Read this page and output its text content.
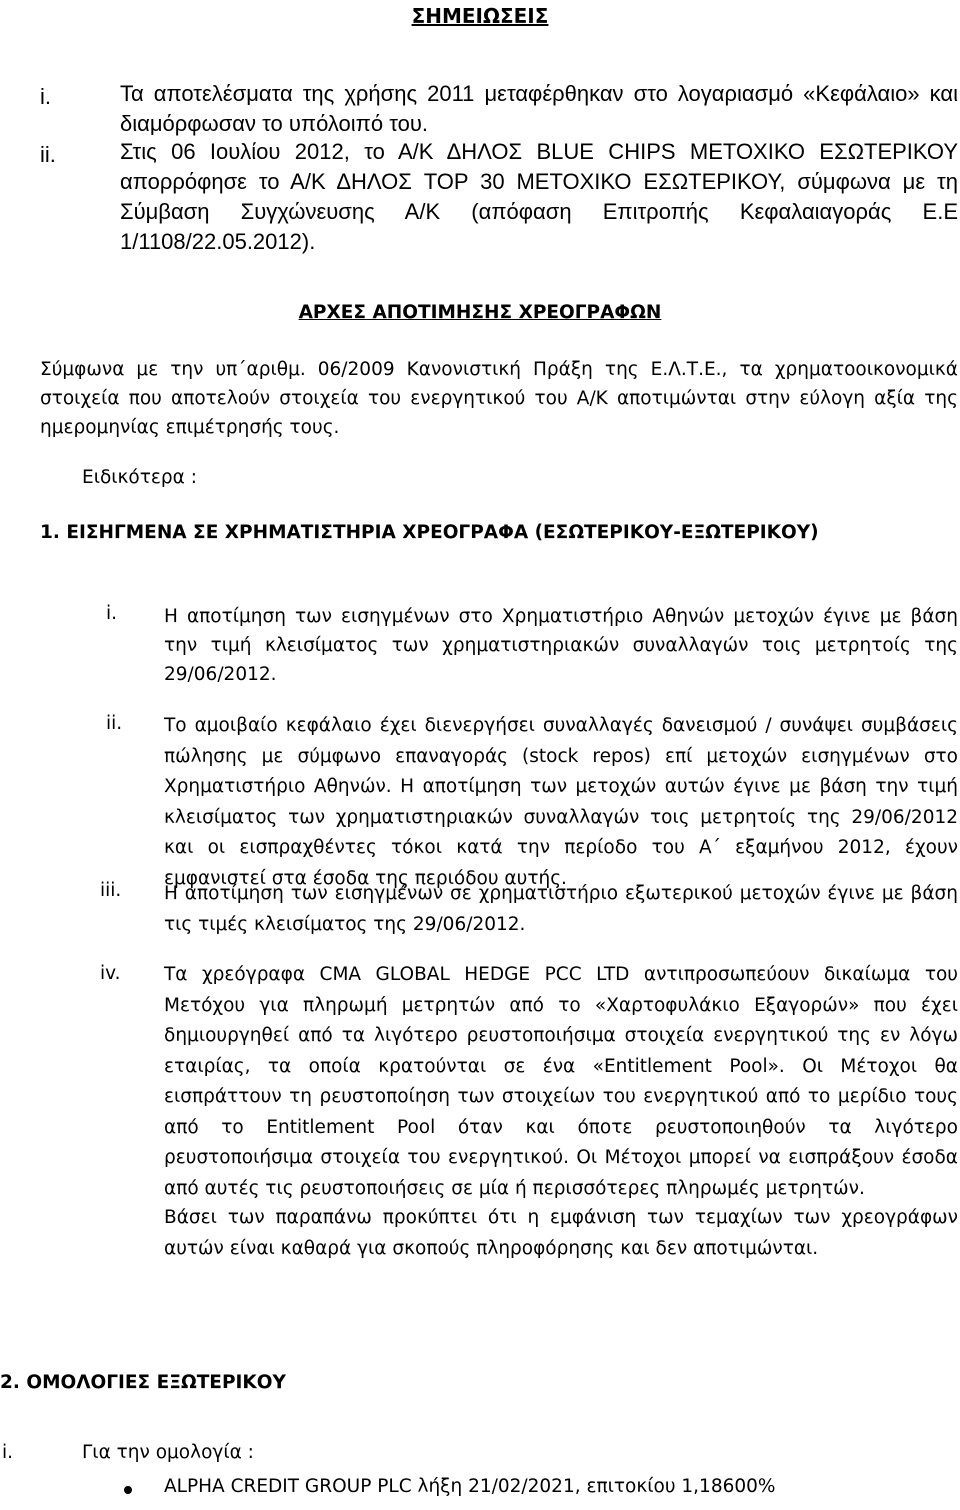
ΣΗΜΕΙΩΣΕΙΣ
i.	Τα αποτελέσματα της χρήσης 2011 μεταφέρθηκαν στο λογαριασμό «Κεφάλαιο» και διαμόρφωσαν το υπόλοιπό του.

ii.	Στις 06 Ιουλίου 2012, το Α/Κ ΔΗΛΟΣ BLUE CHIPS ΜΕΤΟΧΙΚΟ ΕΣΩΤΕΡΙΚΟΥ απορρόφησε το Α/Κ ΔΗΛΟΣ TOP 30 ΜΕΤΟΧΙΚΟ ΕΣΩΤΕΡΙΚΟΥ, σύμφωνα με τη Σύμβαση Συγχώνευσης Α/Κ (απόφαση Επιτροπής Κεφαλαιαγοράς Ε.Ε 1/1108/22.05.2012).

ΑΡΧΕΣ ΑΠΟΤΙΜΗΣΗΣ ΧΡΕΟΓΡΑΦΩΝ

Σύμφωνα με την υπ΄αριθμ. 06/2009 Κανονιστική Πράξη της Ε.Λ.Τ.Ε., τα χρηματοοικονομικά στοιχεία που αποτελούν στοιχεία του ενεργητικού του Α/Κ αποτιμώνται στην εύλογη αξία της ημερομηνίας επιμέτρησής τους.

Ειδικότερα :
1. ΕΙΣΗΓΜΕΝΑ ΣΕ ΧΡΗΜΑΤΙΣΤΗΡΙΑ ΧΡΕΟΓΡΑΦΑ (ΕΣΩΤΕΡΙΚΟΥ-ΕΞΩΤΕΡΙΚΟΥ)
i.	Η αποτίμηση των εισηγμένων στο Χρηματιστήριο Αθηνών μετοχών έγινε με βάση την τιμή κλεισίματος των χρηματιστηριακών συναλλαγών τοις μετρητοίς της 29/06/2012.

ii. Το αμοιβαίο κεφάλαιο έχει διενεργήσει συναλλαγές δανεισμού / συνάψει συμβάσεις πώλησης με σύμφωνο επαναγοράς (stock repos) επί μετοχών εισηγμένων στο Χρηματιστήριο Αθηνών. Η αποτίμηση των μετοχών αυτών έγινε με βάση την τιμή κλεισίματος των χρηματιστηριακών συναλλαγών τοις μετρητοίς της 29/06/2012 και οι εισπραχθέντες τόκοι κατά την περίοδο του Α΄ εξαμήνου 2012, έχουν εμφανιστεί στα έσοδα της περιόδου αυτής.

iii. Η αποτίμηση των εισηγμένων σε χρηματιστήριο εξωτερικού μετοχών έγινε με βάση τις τιμές κλεισίματος της 29/06/2012.

iv. Τα χρεόγραφα CMA GLOBAL HEDGE PCC LTD αντιπροσωπεύουν δικαίωμα του Μετόχου για πληρωμή μετρητών από το «Χαρτοφυλάκιο Εξαγορών» που έχει δημιουργηθεί από τα λιγότερο ρευστοποιήσιμα στοιχεία ενεργητικού της εν λόγω εταιρίας, τα οποία κρατούνται σε ένα «Entitlement Pool». Οι Μέτοχοι θα εισπράττουν τη ρευστοποίηση των στοιχείων του ενεργητικού από το μερίδιο τους από το Entitlement Pool όταν και όποτε ρευστοποιηθούν τα λιγότερο ρευστοποιήσιμα στοιχεία του ενεργητικού. Οι Μέτοχοι μπορεί να εισπράξουν έσοδα από αυτές τις ρευστοποιήσεις σε μία ή περισσότερες πληρωμές μετρητών.

Βάσει των παραπάνω προκύπτει ότι η εμφάνιση των τεμαχίων των χρεογράφων αυτών είναι καθαρά για σκοπούς πληροφόρησης και δεν αποτιμώνται.

2. ΟΜΟΛΟΓΙΕΣ ΕΞΩΤΕΡΙΚΟΥ
i.	Για την ομολογία :
ALPHA CREDIT GROUP PLC λήξη 21/02/2021, επιτοκίου 1,18600%
